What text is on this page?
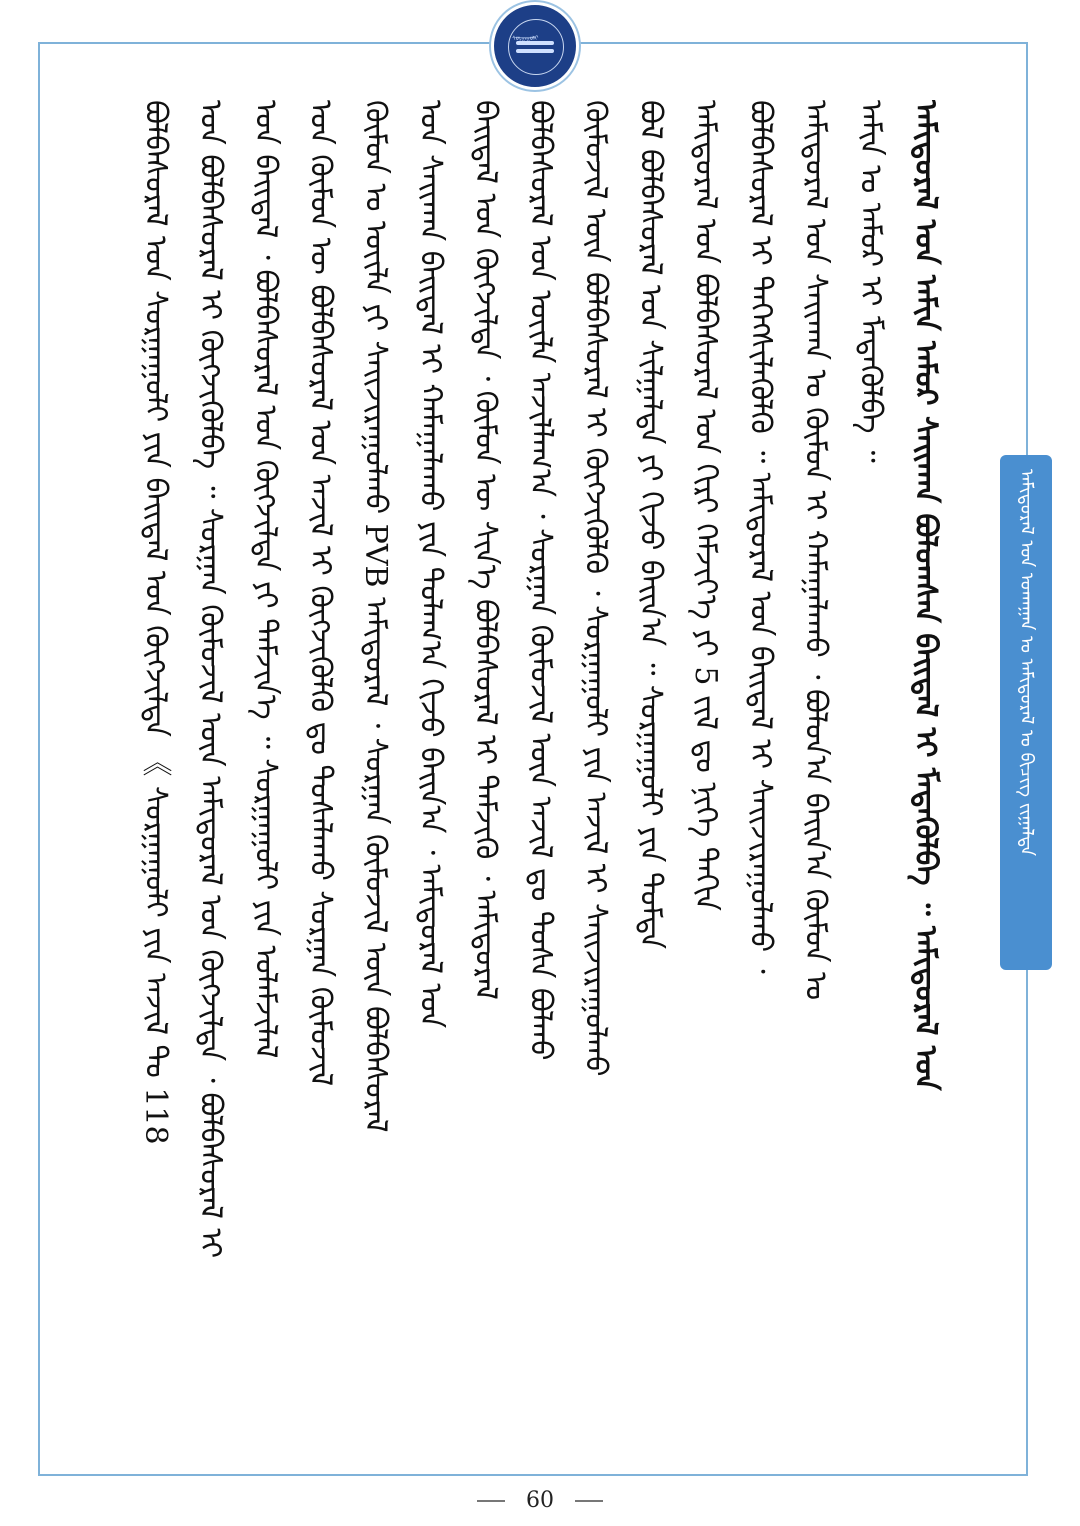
ᠰᠤᠷᠭᠠᠭᠤᠯᠢ
ᠠᠮᠢᠳᠤᠷᠠᠯ ᠤᠨ ᠠᠮᠢᠨ ᠠᠮᠤᠷ ᠰᠠᠢᠬᠠᠨ ᠪᠣᠯᠣᠭᠰᠠᠨ ᠪᠠᠢᠳᠠᠯ ᠢ ᠮᠡᠳᠡᠭᠦᠯᠪᠡ ᠃ ᠠᠮᠢᠳᠤᠷᠠᠯ ᠤᠨ
ᠠᠮᠢᠨ ᠤ ᠠᠮᠤᠷ ᠢ ᠮᠡᠳᠡᠭᠦᠯᠪᠡ ᠃
ᠠᠮᠢᠳᠤᠷᠠᠯ ᠤᠨ ᠰᠠᠢᠬᠠᠨ ᠤ ᠬᠦᠮᠦᠨ ᠢ ᠬᠠᠮᠠᠭᠠᠯᠠᠬᠤ ᠂ ᠪᠣᠯᠣᠨ᠎ᠠ ᠪᠠᠢᠨ᠎ᠠ ᠬᠦᠮᠦᠨ ᠤ
ᠪᠣᠯᠪᠠᠰᠤᠷᠠᠯ ᠢ ᠳᠡᠭᠡᠭᠰᠢᠯᠡᠭᠦᠯᠬᠦ ᠃ ᠠᠮᠢᠳᠤᠷᠠᠯ ᠤᠨ ᠪᠠᠢᠳᠠᠯ ᠢ ᠰᠠᠢᠵᠢᠷᠠᠭᠤᠯᠬᠤ ᠂
ᠠᠮᠢᠳᠤᠷᠠᠯ ᠤᠨ ᠪᠣᠯᠪᠠᠰᠤᠷᠠᠯ ᠤᠨ ᠬᠢᠷᠢ ᠬᠡᠮᠵᠢᠶ᠎ᠡ ᠶᠢ 5 ᠵᠢᠯ ᠳᠤ ᠨᠢᠭᠡ ᠳᠠᠬᠢᠨ
ᠪᠣᠯ ᠪᠣᠯᠪᠠᠰᠤᠷᠠᠯ ᠤᠨ ᠰᠢᠯᠭᠠᠯᠲᠠ ᠶᠢ ᠬᠢᠵᠦ ᠪᠠᠢᠨ᠎ᠠ ᠃ ᠰᠤᠷᠭᠠᠭᠤᠯᠢ ᠶᠢᠨ ᠳᠤᠮᠳᠠ
ᠬᠦᠮᠦᠵᠢᠯ ᠦᠨ ᠪᠣᠯᠪᠠᠰᠤᠷᠠᠯ ᠢ ᠬᠥᠭᠵᠢᠭᠦᠯᠬᠦ ᠂ ᠰᠤᠷᠭᠠᠭᠤᠯᠢ ᠶᠢᠨ ᠠᠵᠢᠯ ᠢ ᠰᠠᠢᠵᠢᠷᠠᠭᠤᠯᠬᠤ
ᠪᠣᠯᠪᠠᠰᠤᠷᠠᠯ ᠤᠨ ᠦᠢᠯᠡ ᠠᠵᠢᠯᠯᠠᠭ᠎ᠠ ᠂ ᠰᠤᠷᠭᠠᠨ ᠬᠦᠮᠦᠵᠢᠯ ᠦᠨ ᠠᠵᠢᠯ ᠳᠤ ᠲᠤᠰᠠ ᠪᠣᠯᠬᠤ
ᠪᠠᠢᠳᠠᠯ ᠤᠨ ᠬᠥᠭᠵᠢᠯᠲᠡ ᠂ ᠬᠦᠮᠦᠨ ᠦ ᠰᠢᠨ᠎ᠡ ᠪᠣᠯᠪᠠᠰᠤᠷᠠᠯ ᠢ ᠳᠡᠮᠵᠢᠬᠦ ᠂ ᠠᠮᠢᠳᠤᠷᠠᠯ
ᠤᠨ ᠰᠠᠢᠬᠠᠨ ᠪᠠᠢᠳᠠᠯ ᠢ ᠬᠠᠮᠠᠭᠠᠯᠠᠬᠤ ᠶᠢᠨ ᠲᠤᠯᠠᠭ᠎ᠠ ᠬᠢᠵᠦ ᠪᠠᠢᠨ᠎ᠠ ᠂ ᠠᠮᠢᠳᠤᠷᠠᠯ ᠤᠨ
ᠬᠦᠮᠦᠨ ᠤ ᠦᠢᠯᠡ ᠶᠢ ᠰᠠᠢᠵᠢᠷᠠᠭᠤᠯᠬᠤ PVB ᠠᠮᠢᠳᠤᠷᠠᠯ ᠂ ᠰᠤᠷᠭᠠᠨ ᠬᠦᠮᠦᠵᠢᠯ ᠦᠨ ᠪᠣᠯᠪᠠᠰᠤᠷᠠᠯ
ᠤᠨ ᠬᠦᠮᠦᠨ ᠦ ᠪᠣᠯᠪᠠᠰᠤᠷᠠᠯ ᠤᠨ ᠠᠵᠢᠯ ᠢ ᠬᠥᠭᠵᠢᠭᠦᠯᠬᠦ ᠳᠤ ᠲᠤᠰᠠᠯᠠᠬᠤ ᠰᠤᠷᠭᠠᠨ ᠬᠦᠮᠦᠵᠢᠯ
ᠤᠨ ᠪᠠᠢᠳᠠᠯ ᠂ ᠪᠣᠯᠪᠠᠰᠤᠷᠠᠯ ᠤᠨ ᠬᠥᠭᠵᠢᠯᠲᠡ ᠶᠢ ᠳᠡᠮᠵᠢᠨ᠎ᠡ ᠃ ᠰᠤᠷᠭᠠᠭᠤᠯᠢ ᠶᠢᠨ ᠤᠯᠠᠮᠵᠢᠯᠠᠯ
ᠤᠨ ᠪᠣᠯᠪᠠᠰᠤᠷᠠᠯ ᠢ ᠬᠥᠭᠵᠢᠭᠦᠯᠪᠡ ᠃ ᠰᠤᠷᠭᠠᠨ ᠬᠦᠮᠦᠵᠢᠯ ᠦᠨ ᠠᠮᠢᠳᠤᠷᠠᠯ ᠤᠨ ᠬᠥᠭᠵᠢᠯᠲᠡ ᠂ ᠪᠣᠯᠪᠠᠰᠤᠷᠠᠯ ᠢ
ᠪᠣᠯᠪᠠᠰᠤᠷᠠᠯ ᠤᠨ ᠰᠤᠷᠭᠠᠭᠤᠯᠢ ᠶᠢᠨ ᠪᠠᠢᠳᠠᠯ ᠤᠨ ᠬᠥᠭᠵᠢᠯᠲᠡ 《 ᠰᠤᠷᠭᠠᠭᠤᠯᠢ ᠶᠢᠨ ᠠᠵᠢᠯ ᠲᠤ 118	ᠠᠮᠢᠳᠤᠷᠠᠯ ᠤᠨ ᠤᠬᠠᠭᠠᠨ ᠤ ᠠᠮᠢᠳᠤᠷᠠᠯ ᠤ ᠪᠢᠴᠢᠭ ᠵᠢᠭᠠᠯᠲᠠ
60
